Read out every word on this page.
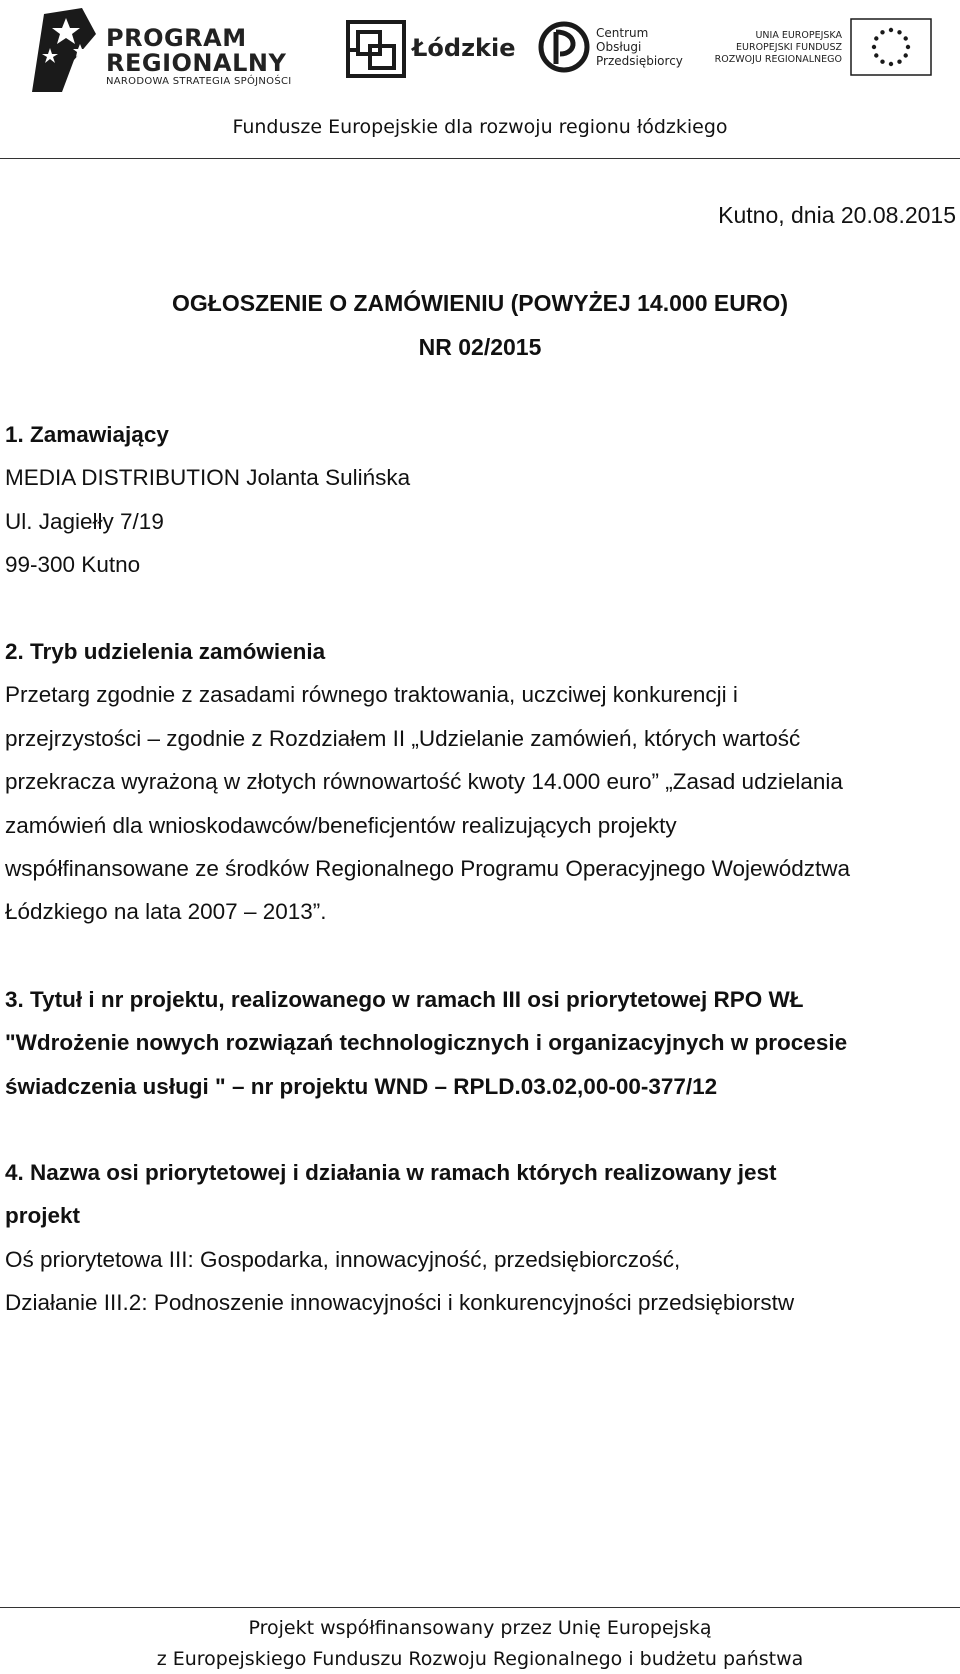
PROGRAM
REGIONALNY
NARODOWA STRATEGIA SPÓJNOŚCI
Łódzkie
Centrum
Obsługi
Przedsiębiorcy
UNIA EUROPEJSKA
EUROPEJSKI FUNDUSZ
ROZWOJU REGIONALNEGO
Fundusze Europejskie dla rozwoju regionu łódzkiego
Kutno, dnia 20.08.2015
OGŁOSZENIE O ZAMÓWIENIU (POWYŻEJ 14.000 EURO)
NR 02/2015

1. Zamawiający

MEDIA DISTRIBUTION Jolanta Sulińska

Ul. Jagiełły 7/19

99-300 Kutno

2. Tryb udzielenia zamówienia

Przetarg zgodnie z zasadami równego traktowania, uczciwej konkurencji i

przejrzystości – zgodnie z Rozdziałem II „Udzielanie zamówień, których wartość

przekracza wyrażoną w złotych równowartość kwoty 14.000 euro” „Zasad udzielania

zamówień dla wnioskodawców/beneficjentów realizujących projekty

współfinansowane ze środków Regionalnego Programu Operacyjnego Województwa

Łódzkiego na lata 2007 – 2013”.

3. Tytuł i nr projektu, realizowanego w ramach III osi priorytetowej RPO WŁ

"Wdrożenie nowych rozwiązań technologicznych i organizacyjnych w procesie

świadczenia usługi " – nr projektu WND – RPLD.03.02,00-00-377/12

4. Nazwa osi priorytetowej i działania w ramach których realizowany jest

projekt

Oś priorytetowa III: Gospodarka, innowacyjność, przedsiębiorczość,

Działanie III.2: Podnoszenie innowacyjności i konkurencyjności przedsiębiorstw

Projekt współfinansowany przez Unię Europejską
z Europejskiego Funduszu Rozwoju Regionalnego i budżetu państwa
